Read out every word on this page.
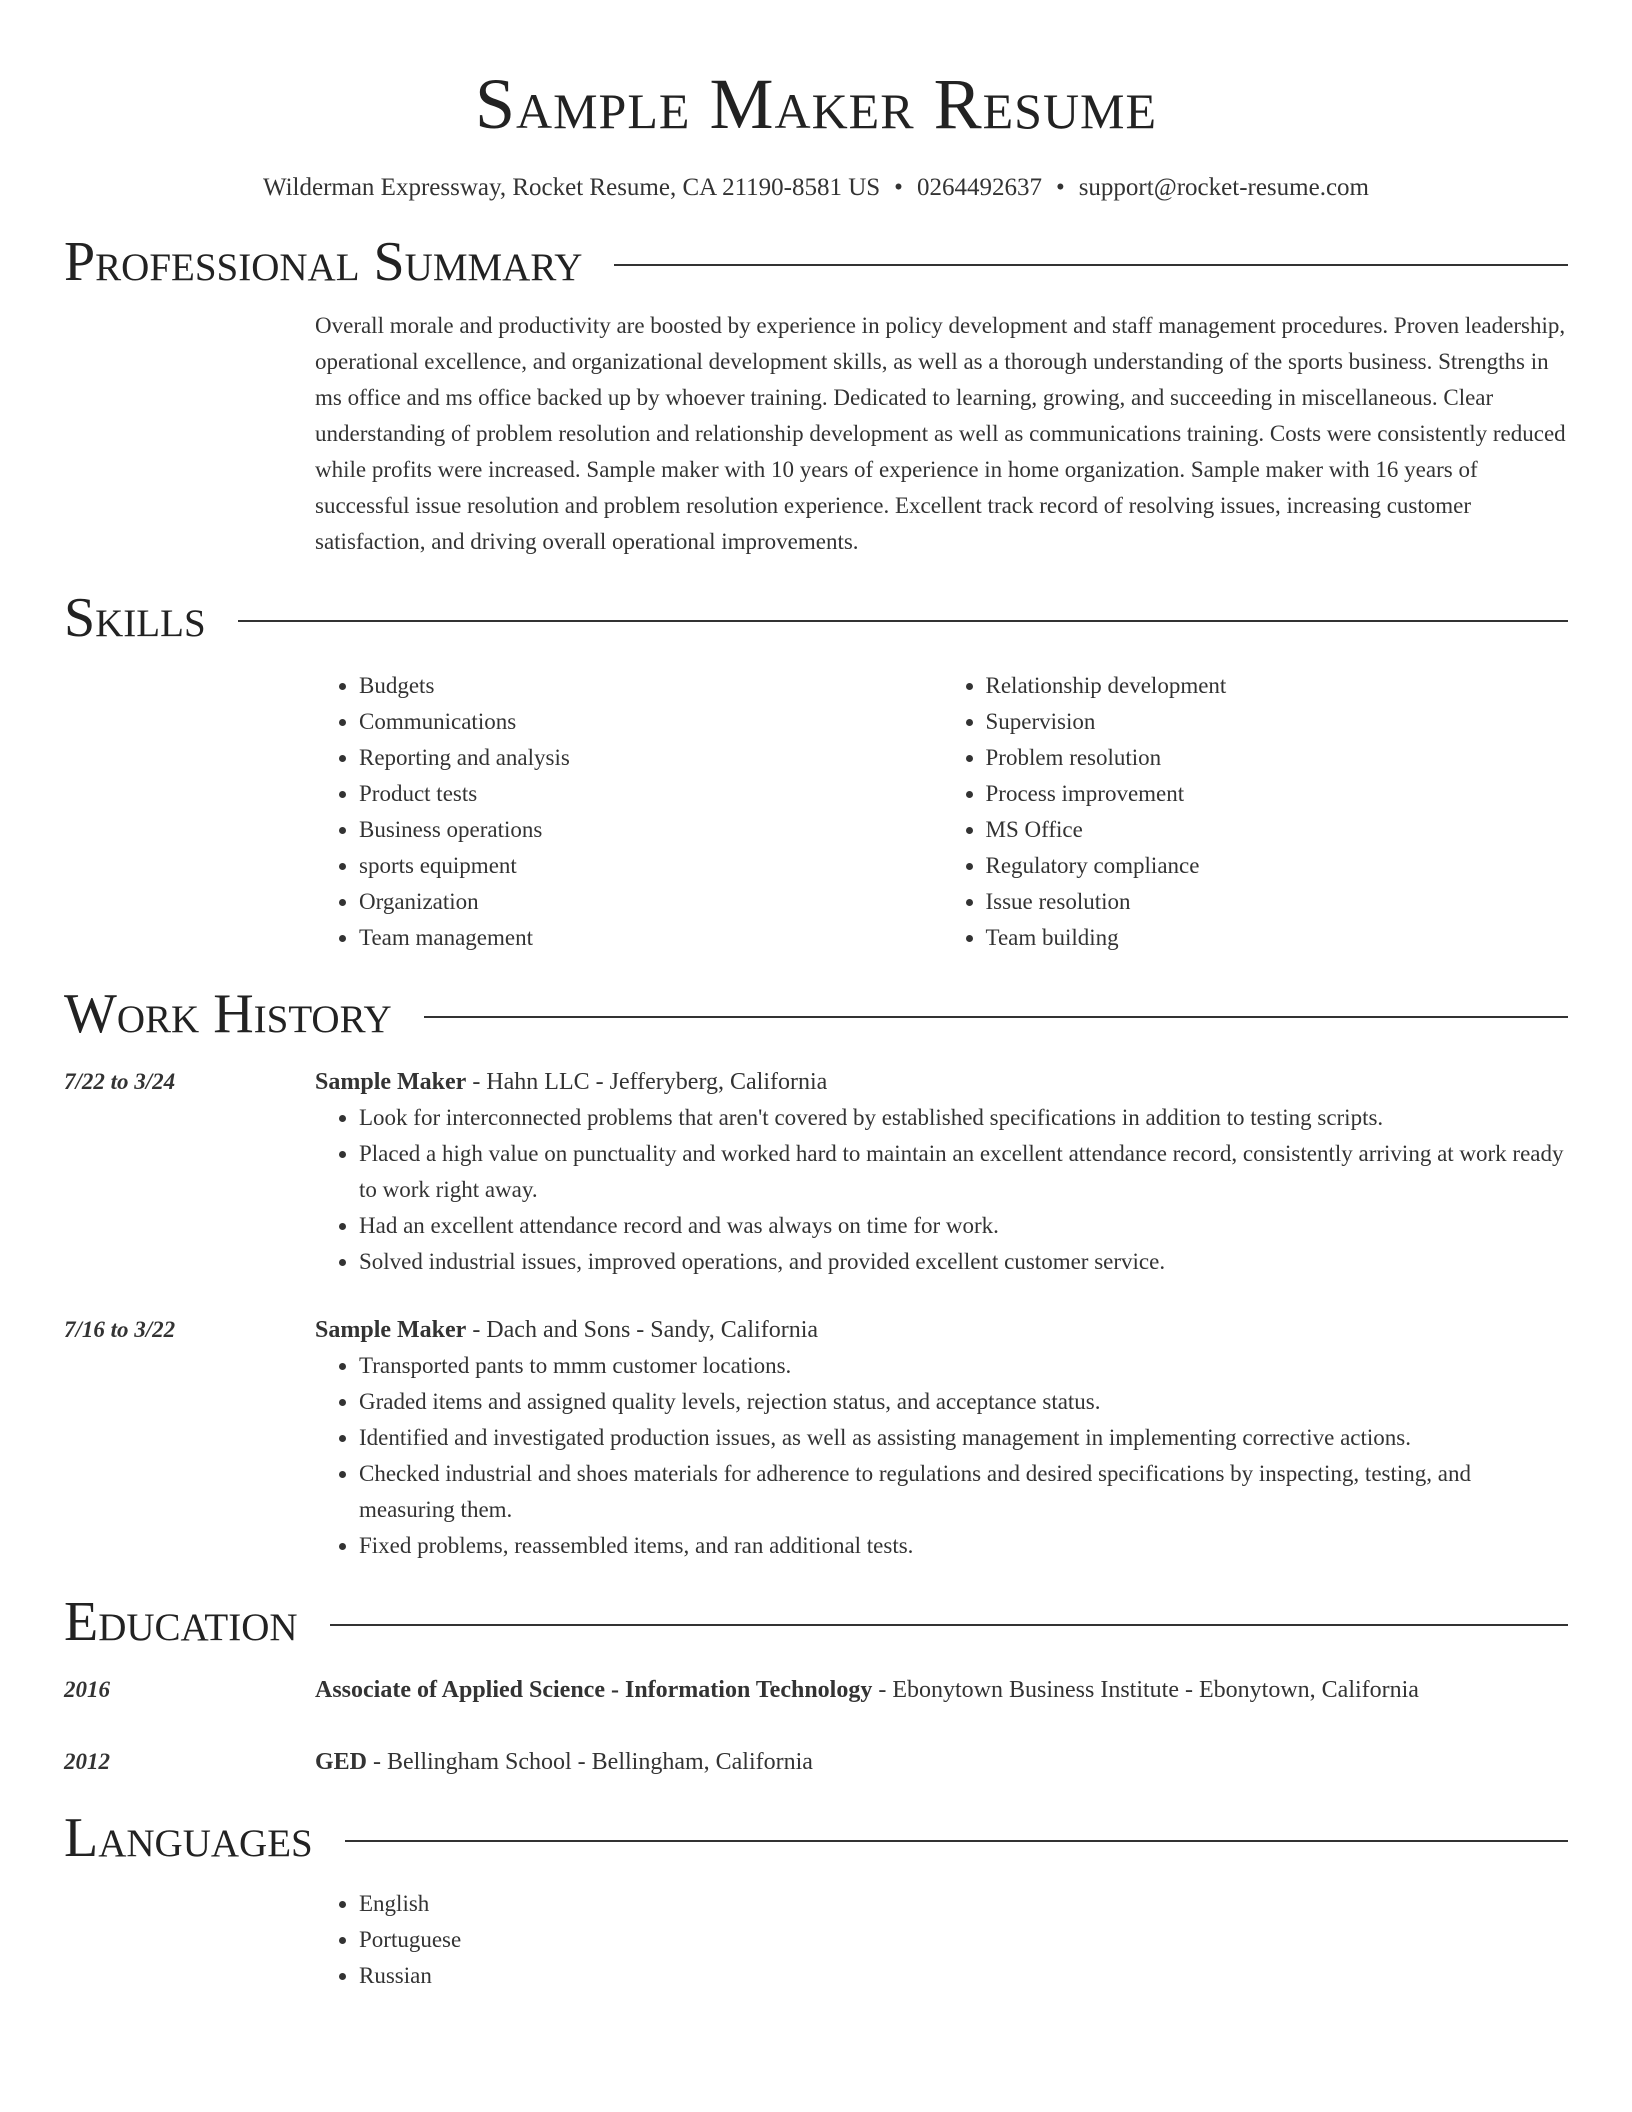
Sample Maker Resume
Wilderman Expressway, Rocket Resume, CA 21190-8581 US • 0264492637 • support@rocket-resume.com
Professional Summary
Overall morale and productivity are boosted by experience in policy development and staff management procedures. Proven leadership, operational excellence, and organizational development skills, as well as a thorough understanding of the sports business. Strengths in ms office and ms office backed up by whoever training. Dedicated to learning, growing, and succeeding in miscellaneous. Clear understanding of problem resolution and relationship development as well as communications training. Costs were consistently reduced while profits were increased. Sample maker with 10 years of experience in home organization. Sample maker with 16 years of successful issue resolution and problem resolution experience. Excellent track record of resolving issues, increasing customer satisfaction, and driving overall operational improvements.
Skills
• Budgets
• Communications
• Reporting and analysis
• Product tests
• Business operations
• sports equipment
• Organization
• Team management
• Relationship development
• Supervision
• Problem resolution
• Process improvement
• MS Office
• Regulatory compliance
• Issue resolution
• Team building
Work History
7/22 to 3/24	Sample Maker - Hahn LLC - Jefferyberg, California
• Look for interconnected problems that aren't covered by established specifications in addition to testing scripts.
• Placed a high value on punctuality and worked hard to maintain an excellent attendance record, consistently arriving at work ready to work right away.
• Had an excellent attendance record and was always on time for work.
• Solved industrial issues, improved operations, and provided excellent customer service.
7/16 to 3/22	Sample Maker - Dach and Sons - Sandy, California
• Transported pants to mmm customer locations.
• Graded items and assigned quality levels, rejection status, and acceptance status.
• Identified and investigated production issues, as well as assisting management in implementing corrective actions.
• Checked industrial and shoes materials for adherence to regulations and desired specifications by inspecting, testing, and measuring them.
• Fixed problems, reassembled items, and ran additional tests.
Education
2016	Associate of Applied Science - Information Technology - Ebonytown Business Institute - Ebonytown, California
2012	GED - Bellingham School - Bellingham, California
Languages
• English
• Portuguese
• Russian
